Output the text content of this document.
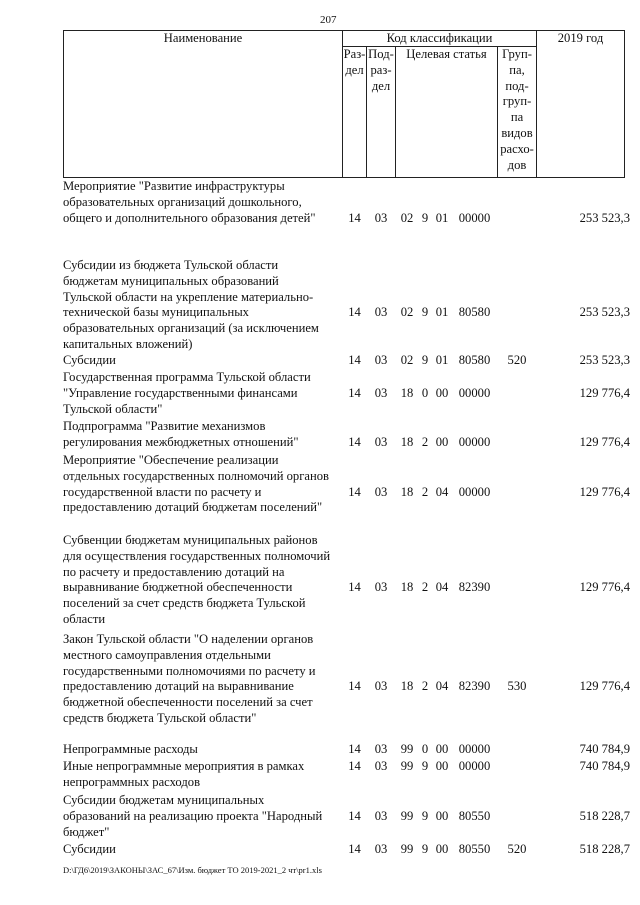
207
Наименование	Код классификации	2019 год
Целевая статья
Раз-
дел
Под-
раз-
дел
Груп-
па,
под-
груп-
па
видов
расхо-
дов
Мероприятие "Развитие инфраструктуры
образовательных организаций дошкольного,
общего и дополнительного образования детей"	14	03	02 9 01 00000	253 523,3
Субсидии из бюджета Тульской области
бюджетам муниципальных образований
Тульской области на укрепление материально-
технической базы муниципальных
образовательных организаций (за исключением
капитальных вложений)
14	03	02 9 01 80580	253 523,3
Субсидии	14	03	02 9 01 80580	520	253 523,3
Государственная программа Тульской области
"Управление государственными финансами
Тульской области"
14	03	18 0 00 00000	129 776,4
Подпрограмма "Развитие механизмов
регулирования межбюджетных отношений"	14	03	18 2 00 00000	129 776,4
Мероприятие "Обеспечение реализации
отдельных государственных полномочий органов
государственной власти по расчету и
предоставлению дотаций бюджетам поселений"
14	03	18 2 04 00000	129 776,4
Субвенции бюджетам муниципальных районов
для осуществления государственных полномочий
по расчету и предоставлению дотаций на
выравнивание бюджетной обеспеченности
поселений за счет средств бюджета Тульской
области
14	03	18 2 04 82390	129 776,4
Закон Тульской области "О наделении органов
местного самоуправления отдельными
государственными полномочиями по расчету и
предоставлению дотаций на выравнивание
бюджетной обеспеченности поселений за счет
средств бюджета Тульской области"
14	03	18 2 04 82390	530	129 776,4
Непрограммные расходы	14	03	99 0 00 00000	740 784,9
Иные непрограммные мероприятия в рамках
непрограммных расходов
14	03	99 9 00 00000	740 784,9
Субсидии бюджетам муниципальных
образований на реализацию проекта "Народный
бюджет"
14	03	99 9 00 80550	518 228,7
Субсидии	14	03	99 9 00 80550	520	518 228,7
D:\ГД6\2019\ЗАКОНЫ\ЗАС_67\Изм. бюджет ТО 2019-2021_2 чт\pr1.xls
